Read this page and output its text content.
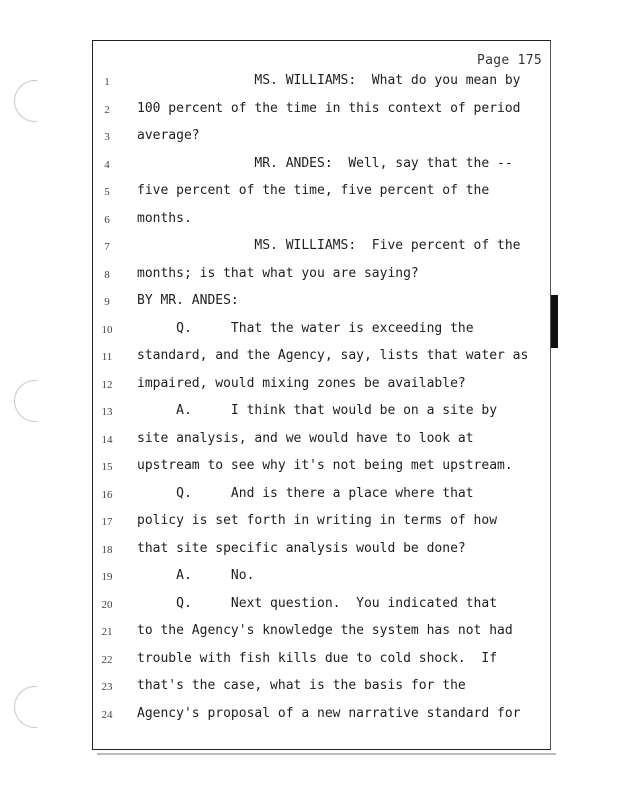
Page 175
1	MS. WILLIAMS:  What do you mean by
2	100 percent of the time in this context of period
3	average?
4	MR. ANDES:  Well, say that the --
5	five percent of the time, five percent of the
6	months.
7	MS. WILLIAMS:  Five percent of the
8	months; is that what you are saying?
9	BY MR. ANDES:
10	Q.     That the water is exceeding the
11	standard, and the Agency, say, lists that water as
12	impaired, would mixing zones be available?
13	A.     I think that would be on a site by
14	site analysis, and we would have to look at
15	upstream to see why it's not being met upstream.
16	Q.     And is there a place where that
17	policy is set forth in writing in terms of how
18	that site specific analysis would be done?
19	A.     No.
20	Q.     Next question.  You indicated that
21	to the Agency's knowledge the system has not had
22	trouble with fish kills due to cold shock.  If
23	that's the case, what is the basis for the
24	Agency's proposal of a new narrative standard for
